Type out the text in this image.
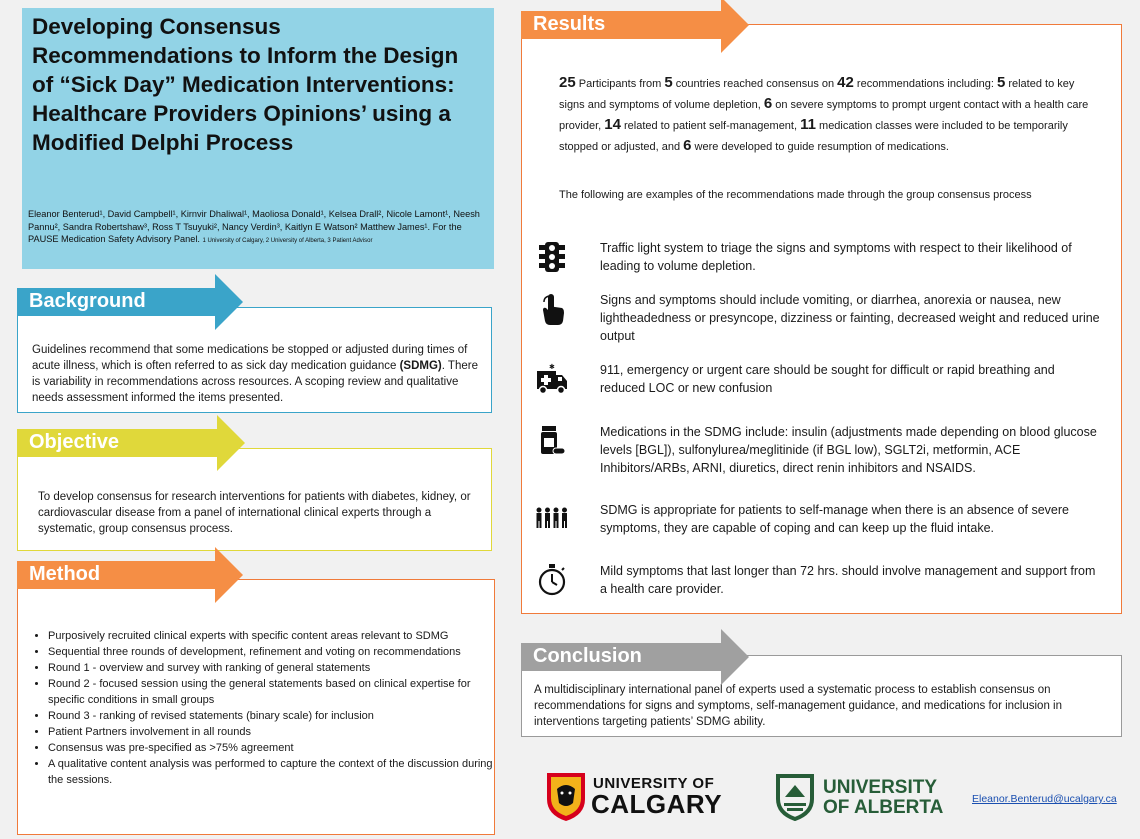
Developing Consensus Recommendations to Inform the Design of “Sick Day” Medication Interventions: Healthcare Providers Opinions’ using a Modified Delphi Process
Eleanor Benterud¹, David Campbell¹, Kirnvir Dhaliwal¹, Maoliosa Donald¹, Kelsea Drall², Nicole Lamont¹, Neesh Pannu², Sandra Robertshaw³, Ross T Tsuyuki², Nancy Verdin³, Kaitlyn E Watson² Matthew James¹. For the PAUSE Medication Safety Advisory Panel. 1 University of Calgary, 2 University of Alberta, 3 Patient Advisor

Guidelines recommend that some medications be stopped or adjusted during times of acute illness, which is often referred to as sick day medication guidance (SDMG). There is variability in recommendations across resources. A scoping review and qualitative needs assessment informed the items presented.

Background

To develop consensus for research interventions for patients with diabetes, kidney, or cardiovascular disease from a panel of international clinical experts through a systematic, group consensus process.

Objective
• Purposively recruited clinical experts with specific content areas relevant to SDMG
• Sequential three rounds of development, refinement and voting on recommendations
• Round 1 - overview and survey with ranking of general statements
• Round 2 - focused session using the general statements based on clinical expertise for specific conditions in small groups
• Round 3 - ranking of revised statements (binary scale) for inclusion
• Patient Partners involvement in all rounds
• Consensus was pre-specified as >75% agreement
• A qualitative content analysis was performed to capture the context of the discussion during the sessions.
Method

25 Participants from 5 countries reached consensus on 42 recommendations including: 5 related to key signs and symptoms of volume depletion, 6 on severe symptoms to prompt urgent contact with a health care provider, 14 related to patient self-management, 11 medication classes were included to be temporarily stopped or adjusted, and 6 were developed to guide resumption of medications.

The following are examples of the recommendations made through the group consensus process

Traffic light system to triage the signs and symptoms with respect to their likelihood of leading to volume depletion.

Signs and symptoms should include vomiting, or diarrhea, anorexia or nausea, new lightheadedness or presyncope, dizziness or fainting, decreased weight and reduced urine output

✱	911, emergency or urgent care should be sought for difficult or rapid breathing and reduced LOC or new confusion

Medications in the SDMG include: insulin (adjustments made depending on blood glucose levels [BGL]), sulfonylurea/meglitinide (if BGL low), SGLT2i, metformin, ACE Inhibitors/ARBs, ARNI, diuretics, direct renin inhibitors and NSAIDS.

SDMG is appropriate for patients to self-manage when there is an absence of severe symptoms, they are capable of coping and can keep up the fluid intake.

Mild symptoms that last longer than 72 hrs. should involve management and support from a health care provider.

Results

A multidisciplinary international panel of experts used a systematic process to establish consensus on recommendations for signs and symptoms, self-management guidance, and medications for inclusion in interventions targeting patients’ SDMG ability.

Conclusion
UNIVERSITY OF
CALGARY
UNIVERSITY
OF ALBERTA	Eleanor.Benterud@ucalgary.ca
